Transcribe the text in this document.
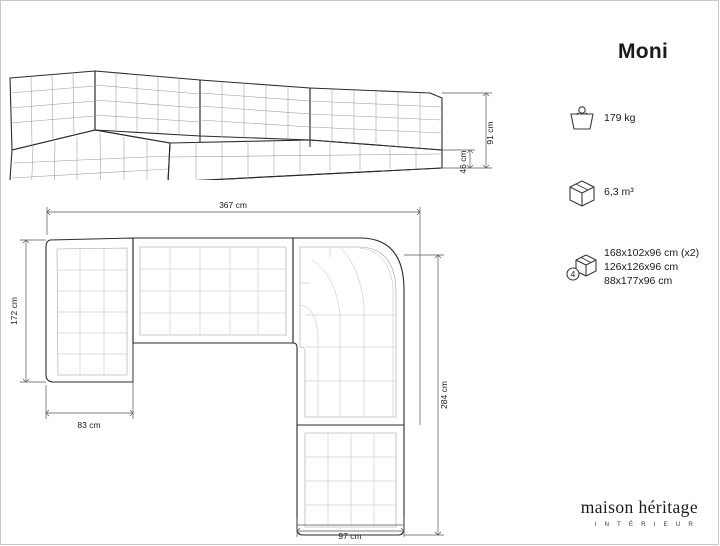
91 cm
46 cm
367 cm
172 cm
284 cm
83 cm
97 cm
Moni
179 kg
6,3 m³
4
168x102x96 cm (x2)
126x126x96 cm
88x177x96 cm
maison héritage
I N T É R I E U R
